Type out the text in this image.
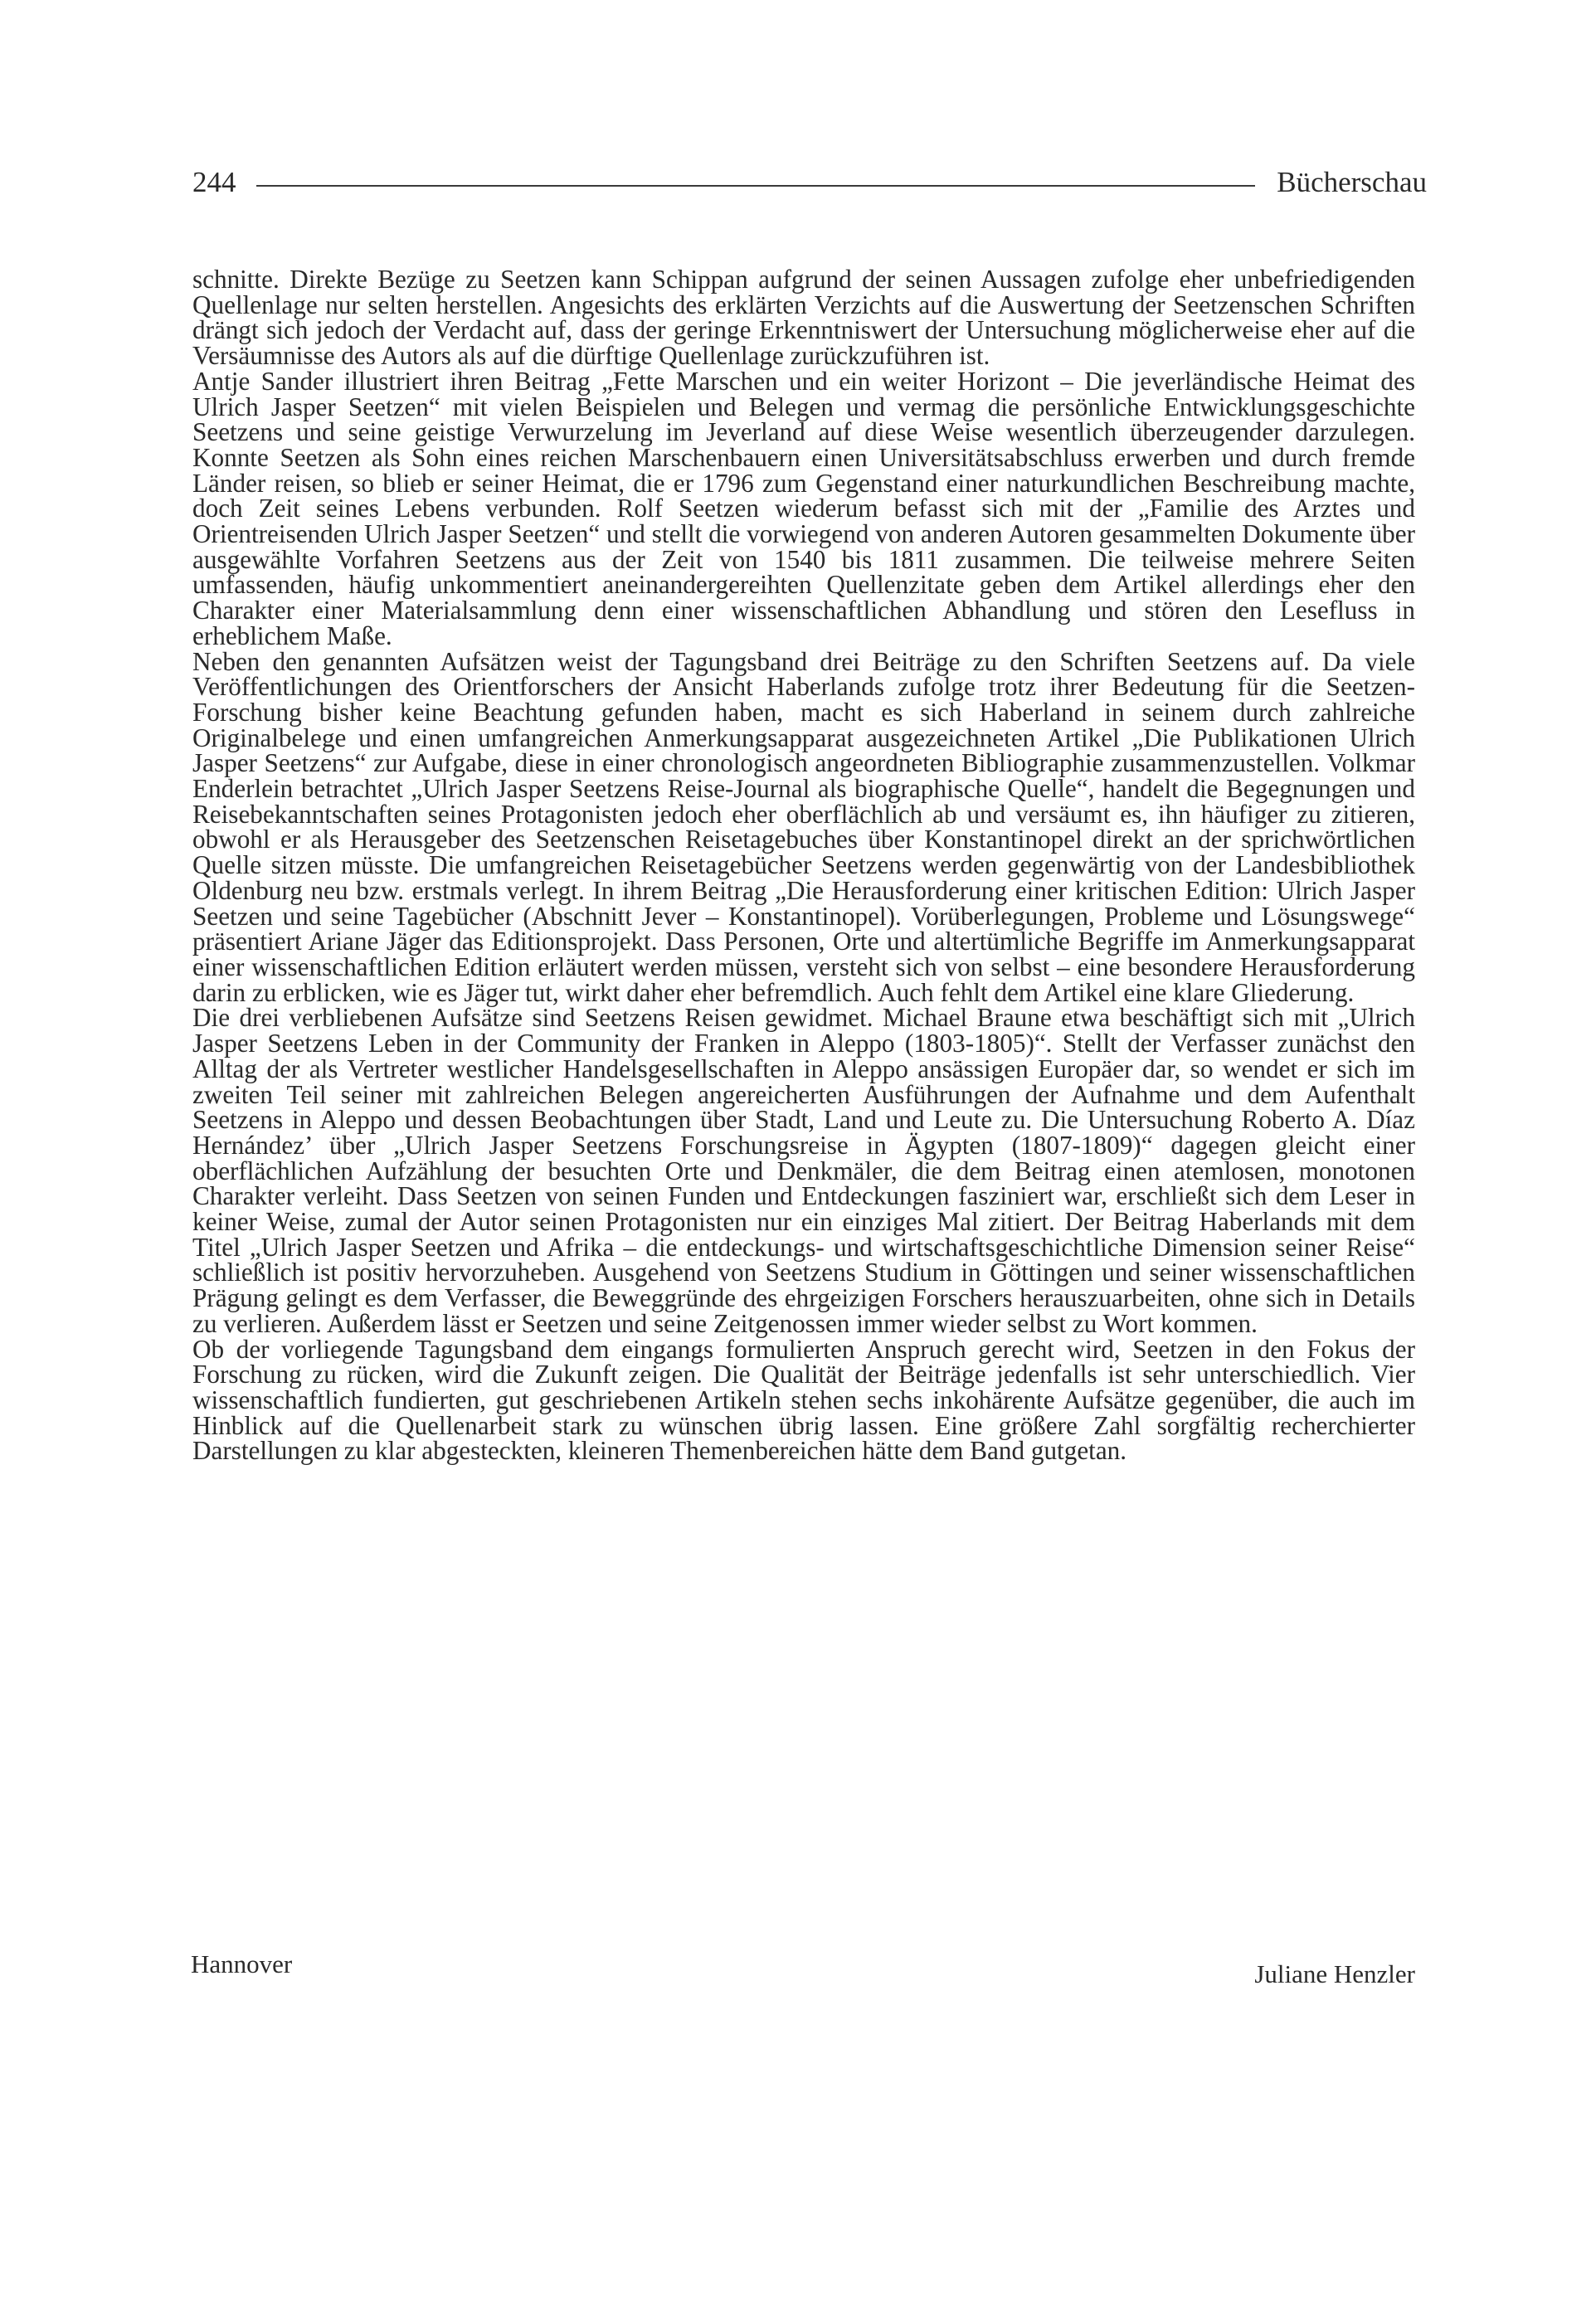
244	Bücherschau

schnitte. Direkte Bezüge zu Seetzen kann Schippan aufgrund der seinen Aussagen zufolge eher unbefriedigenden Quellenlage nur selten herstellen. Angesichts des erklärten Verzichts auf die Auswertung der Seetzenschen Schriften drängt sich jedoch der Verdacht auf, dass der geringe Erkenntniswert der Untersuchung möglicherweise eher auf die Versäumnisse des Autors als auf die dürftige Quellenlage zurückzuführen ist.

Antje Sander illustriert ihren Beitrag „Fette Marschen und ein weiter Horizont – Die jeverländische Heimat des Ulrich Jasper Seetzen“ mit vielen Beispielen und Belegen und vermag die persönliche Entwicklungsgeschichte Seetzens und seine geistige Verwurzelung im Jeverland auf diese Weise wesentlich überzeugender darzulegen. Konnte Seetzen als Sohn eines reichen Marschenbauern einen Universitätsabschluss erwerben und durch fremde Länder reisen, so blieb er seiner Heimat, die er 1796 zum Gegenstand einer naturkundlichen Beschreibung machte, doch Zeit seines Lebens verbunden. Rolf Seetzen wiederum befasst sich mit der „Familie des Arztes und Orientreisenden Ulrich Jasper Seetzen“ und stellt die vorwiegend von anderen Autoren gesammelten Dokumente über ausgewählte Vorfahren Seetzens aus der Zeit von 1540 bis 1811 zusammen. Die teilweise mehrere Seiten umfassenden, häufig unkommentiert aneinandergereihten Quellenzitate geben dem Artikel allerdings eher den Charakter einer Materialsammlung denn einer wissenschaftlichen Abhandlung und stören den Lesefluss in erheblichem Maße.

Neben den genannten Aufsätzen weist der Tagungsband drei Beiträge zu den Schriften Seetzens auf. Da viele Veröffentlichungen des Orientforschers der Ansicht Haberlands zufolge trotz ihrer Bedeutung für die Seetzen-Forschung bisher keine Beachtung gefunden haben, macht es sich Haberland in seinem durch zahlreiche Originalbelege und einen umfangreichen Anmerkungsapparat ausgezeichneten Artikel „Die Publikationen Ulrich Jasper Seetzens“ zur Aufgabe, diese in einer chronologisch angeordneten Bibliographie zusammenzustellen. Volkmar Enderlein betrachtet „Ulrich Jasper Seetzens Reise-Journal als biographische Quelle“, handelt die Begegnungen und Reisebekanntschaften seines Protagonisten jedoch eher oberflächlich ab und versäumt es, ihn häufiger zu zitieren, obwohl er als Herausgeber des Seetzenschen Reisetagebuches über Konstantinopel direkt an der sprichwörtlichen Quelle sitzen müsste. Die umfangreichen Reisetagebücher Seetzens werden gegenwärtig von der Landesbibliothek Oldenburg neu bzw. erstmals verlegt. In ihrem Beitrag „Die Herausforderung einer kritischen Edition: Ulrich Jasper Seetzen und seine Tagebücher (Abschnitt Jever – Konstantinopel). Vorüberlegungen, Probleme und Lösungswege“ präsentiert Ariane Jäger das Editionsprojekt. Dass Personen, Orte und altertümliche Begriffe im Anmerkungsapparat einer wissenschaftlichen Edition erläutert werden müssen, versteht sich von selbst – eine besondere Herausforderung darin zu erblicken, wie es Jäger tut, wirkt daher eher befremdlich. Auch fehlt dem Artikel eine klare Gliederung.

Die drei verbliebenen Aufsätze sind Seetzens Reisen gewidmet. Michael Braune etwa beschäftigt sich mit „Ulrich Jasper Seetzens Leben in der Community der Franken in Aleppo (1803-1805)“. Stellt der Verfasser zunächst den Alltag der als Vertreter westlicher Handelsgesellschaften in Aleppo ansässigen Europäer dar, so wendet er sich im zweiten Teil seiner mit zahlreichen Belegen angereicherten Ausführungen der Aufnahme und dem Aufenthalt Seetzens in Aleppo und dessen Beobachtungen über Stadt, Land und Leute zu. Die Untersuchung Roberto A. Díaz Hernández’ über „Ulrich Jasper Seetzens Forschungsreise in Ägypten (1807-1809)“ dagegen gleicht einer oberflächlichen Aufzählung der besuchten Orte und Denkmäler, die dem Beitrag einen atemlosen, monotonen Charakter verleiht. Dass Seetzen von seinen Funden und Entdeckungen fasziniert war, erschließt sich dem Leser in keiner Weise, zumal der Autor seinen Protagonisten nur ein einziges Mal zitiert. Der Beitrag Haberlands mit dem Titel „Ulrich Jasper Seetzen und Afrika – die entdeckungs- und wirtschaftsgeschichtliche Dimension seiner Reise“ schließlich ist positiv hervorzuheben. Ausgehend von Seetzens Studium in Göttingen und seiner wissenschaftlichen Prägung gelingt es dem Verfasser, die Beweggründe des ehrgeizigen Forschers herauszuarbeiten, ohne sich in Details zu verlieren. Außerdem lässt er Seetzen und seine Zeitgenossen immer wieder selbst zu Wort kommen.

Ob der vorliegende Tagungsband dem eingangs formulierten Anspruch gerecht wird, Seetzen in den Fokus der Forschung zu rücken, wird die Zukunft zeigen. Die Qualität der Beiträge jedenfalls ist sehr unterschiedlich. Vier wissenschaftlich fundierten, gut geschriebenen Artikeln stehen sechs inkohärente Aufsätze gegenüber, die auch im Hinblick auf die Quellenarbeit stark zu wünschen übrig lassen. Eine größere Zahl sorgfältig recherchierter Darstellungen zu klar abgesteckten, kleineren Themenbereichen hätte dem Band gutgetan.

Hannover	Juliane Henzler
